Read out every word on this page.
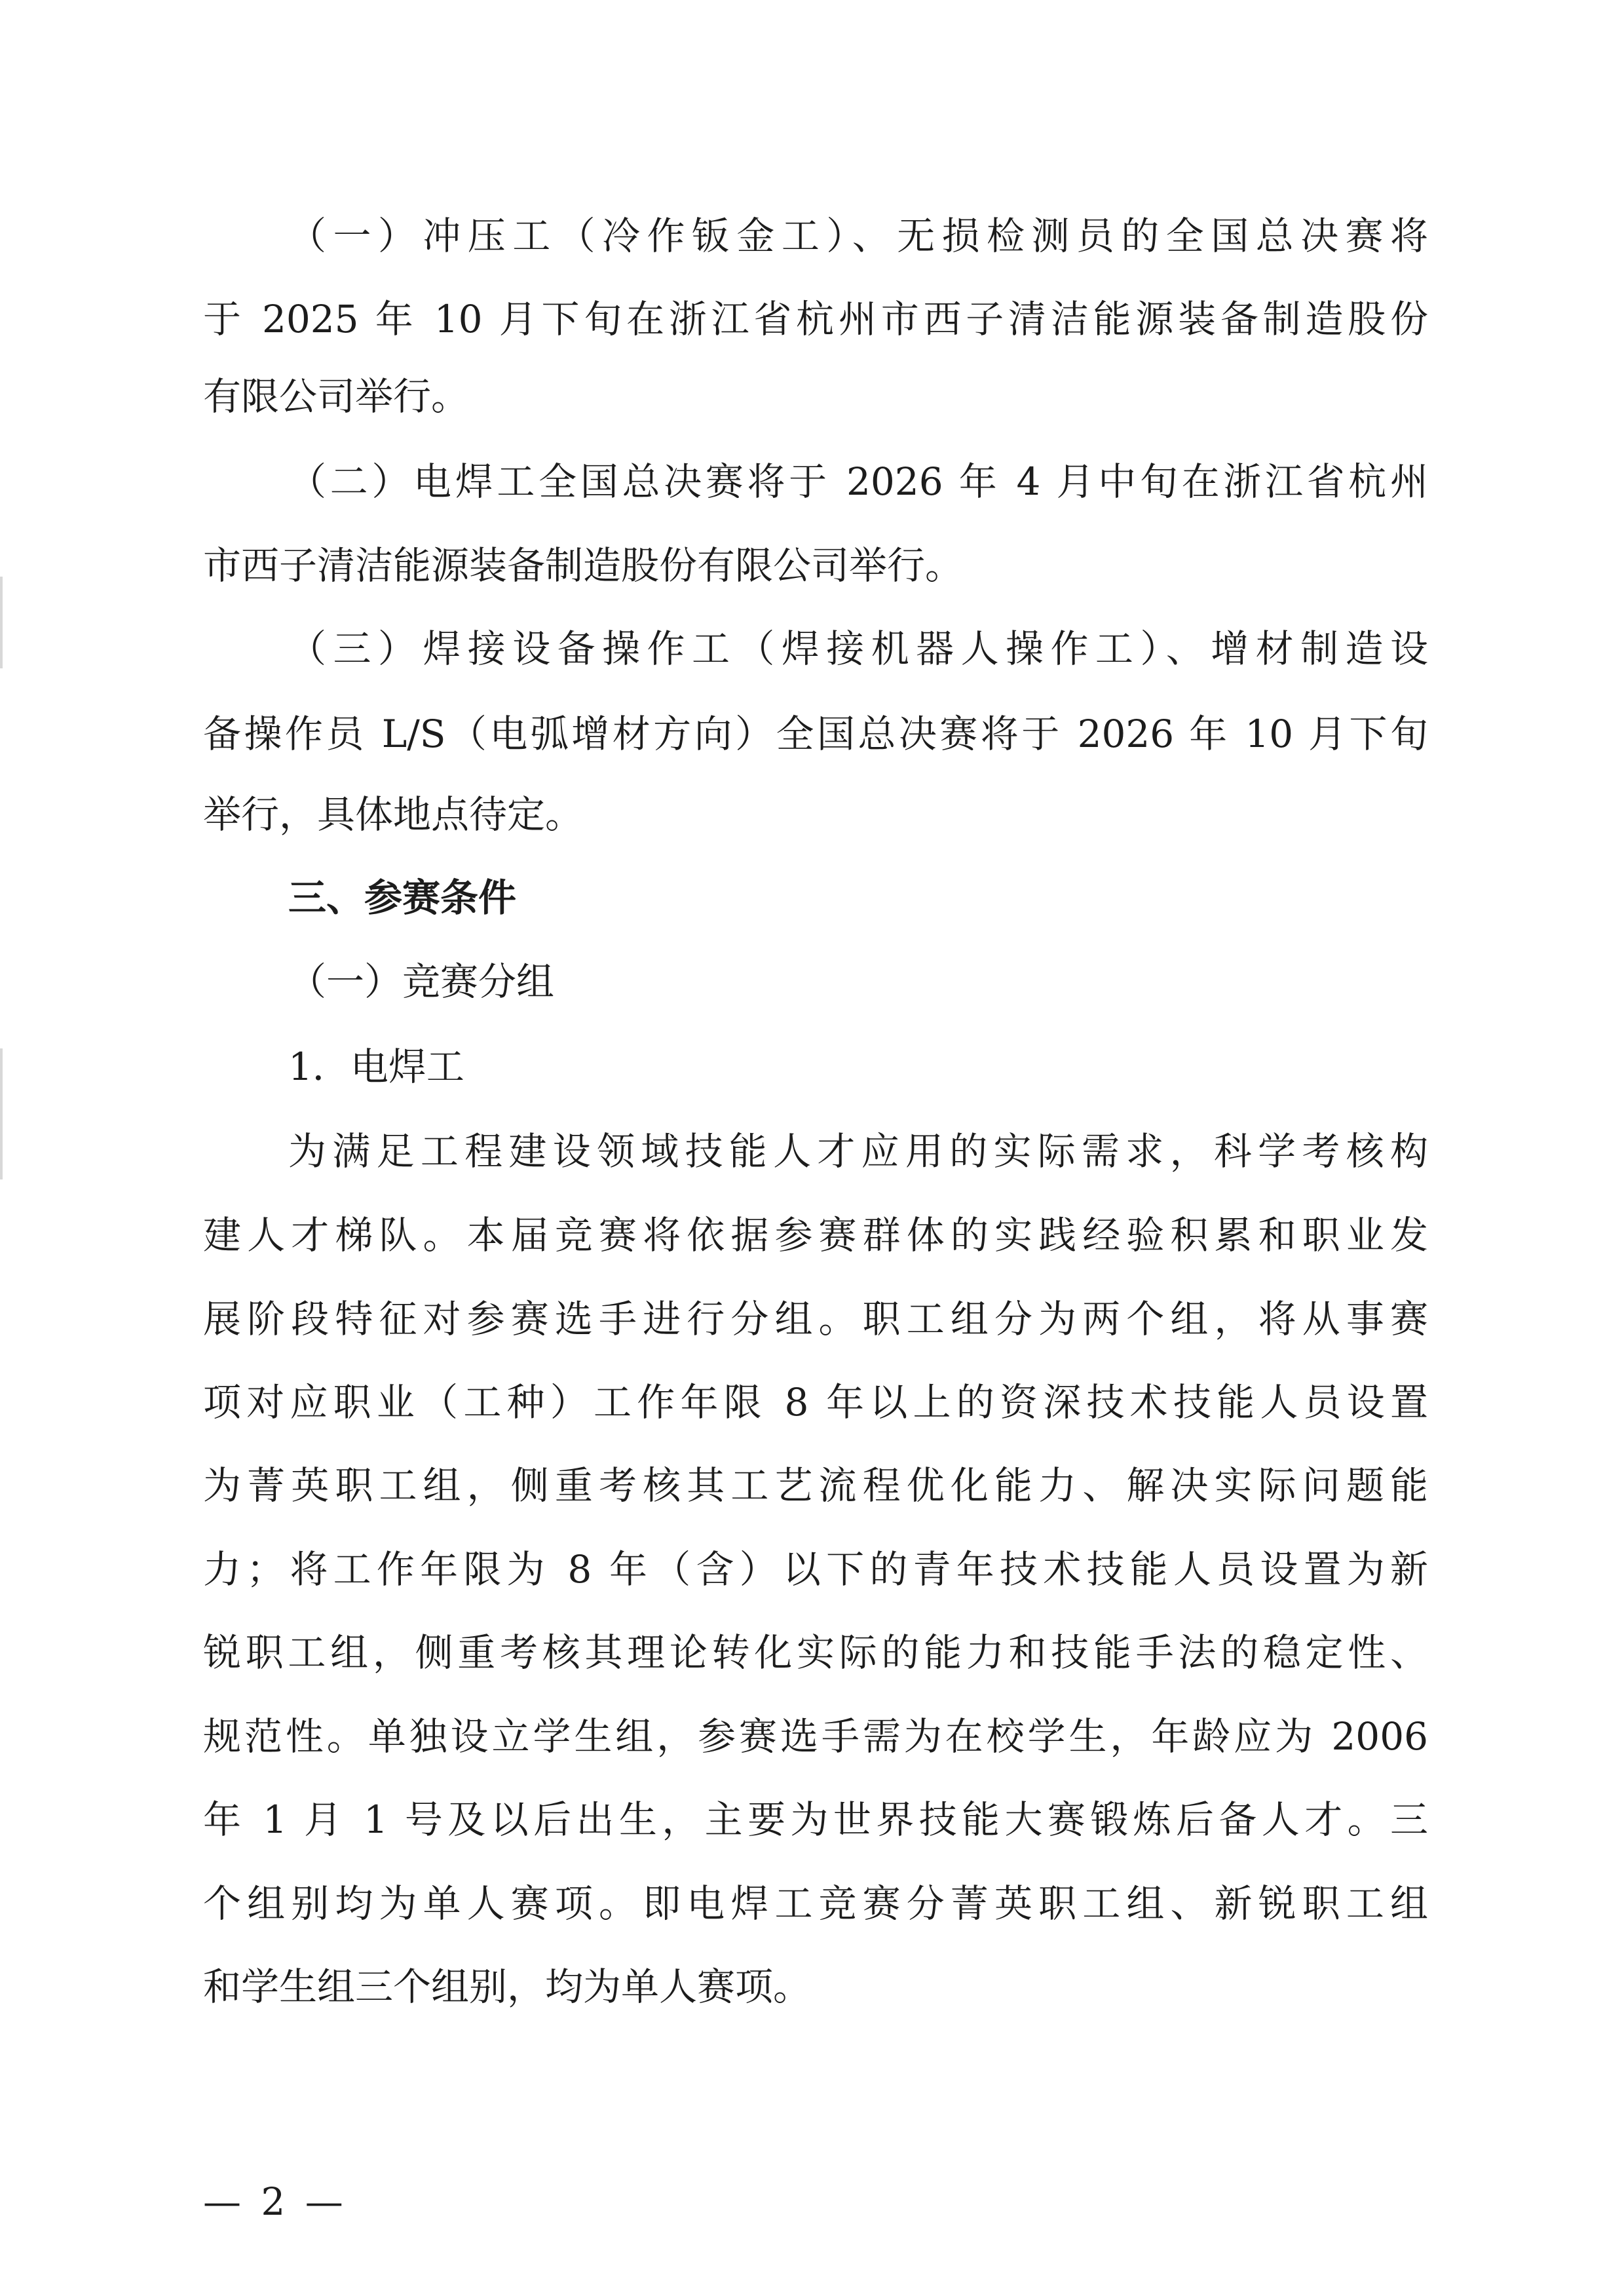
（一）冲压工（冷作钣金工）、无损检测员的全国总决赛将
于 2025 年 10 月下旬在浙江省杭州市西子清洁能源装备制造股份
有限公司举行。
（二）电焊工全国总决赛将于 2026 年 4 月中旬在浙江省杭州
市西子清洁能源装备制造股份有限公司举行。
（三）焊接设备操作工（焊接机器人操作工）、增材制造设
备操作员 L/S（电弧增材方向）全国总决赛将于 2026 年 10 月下旬
举行，具体地点待定。
三、参赛条件
（一）竞赛分组
1．电焊工
为满足工程建设领域技能人才应用的实际需求，科学考核构
建人才梯队。本届竞赛将依据参赛群体的实践经验积累和职业发
展阶段特征对参赛选手进行分组。职工组分为两个组，将从事赛
项对应职业（工种）工作年限 8 年以上的资深技术技能人员设置
为菁英职工组，侧重考核其工艺流程优化能力、解决实际问题能
力；将工作年限为 8 年（含）以下的青年技术技能人员设置为新
锐职工组，侧重考核其理论转化实际的能力和技能手法的稳定性、
规范性。单独设立学生组，参赛选手需为在校学生，年龄应为 2006
年 1 月 1 号及以后出生，主要为世界技能大赛锻炼后备人才。三
个组别均为单人赛项。即电焊工竞赛分菁英职工组、新锐职工组
和学生组三个组别，均为单人赛项。
— 2 —
